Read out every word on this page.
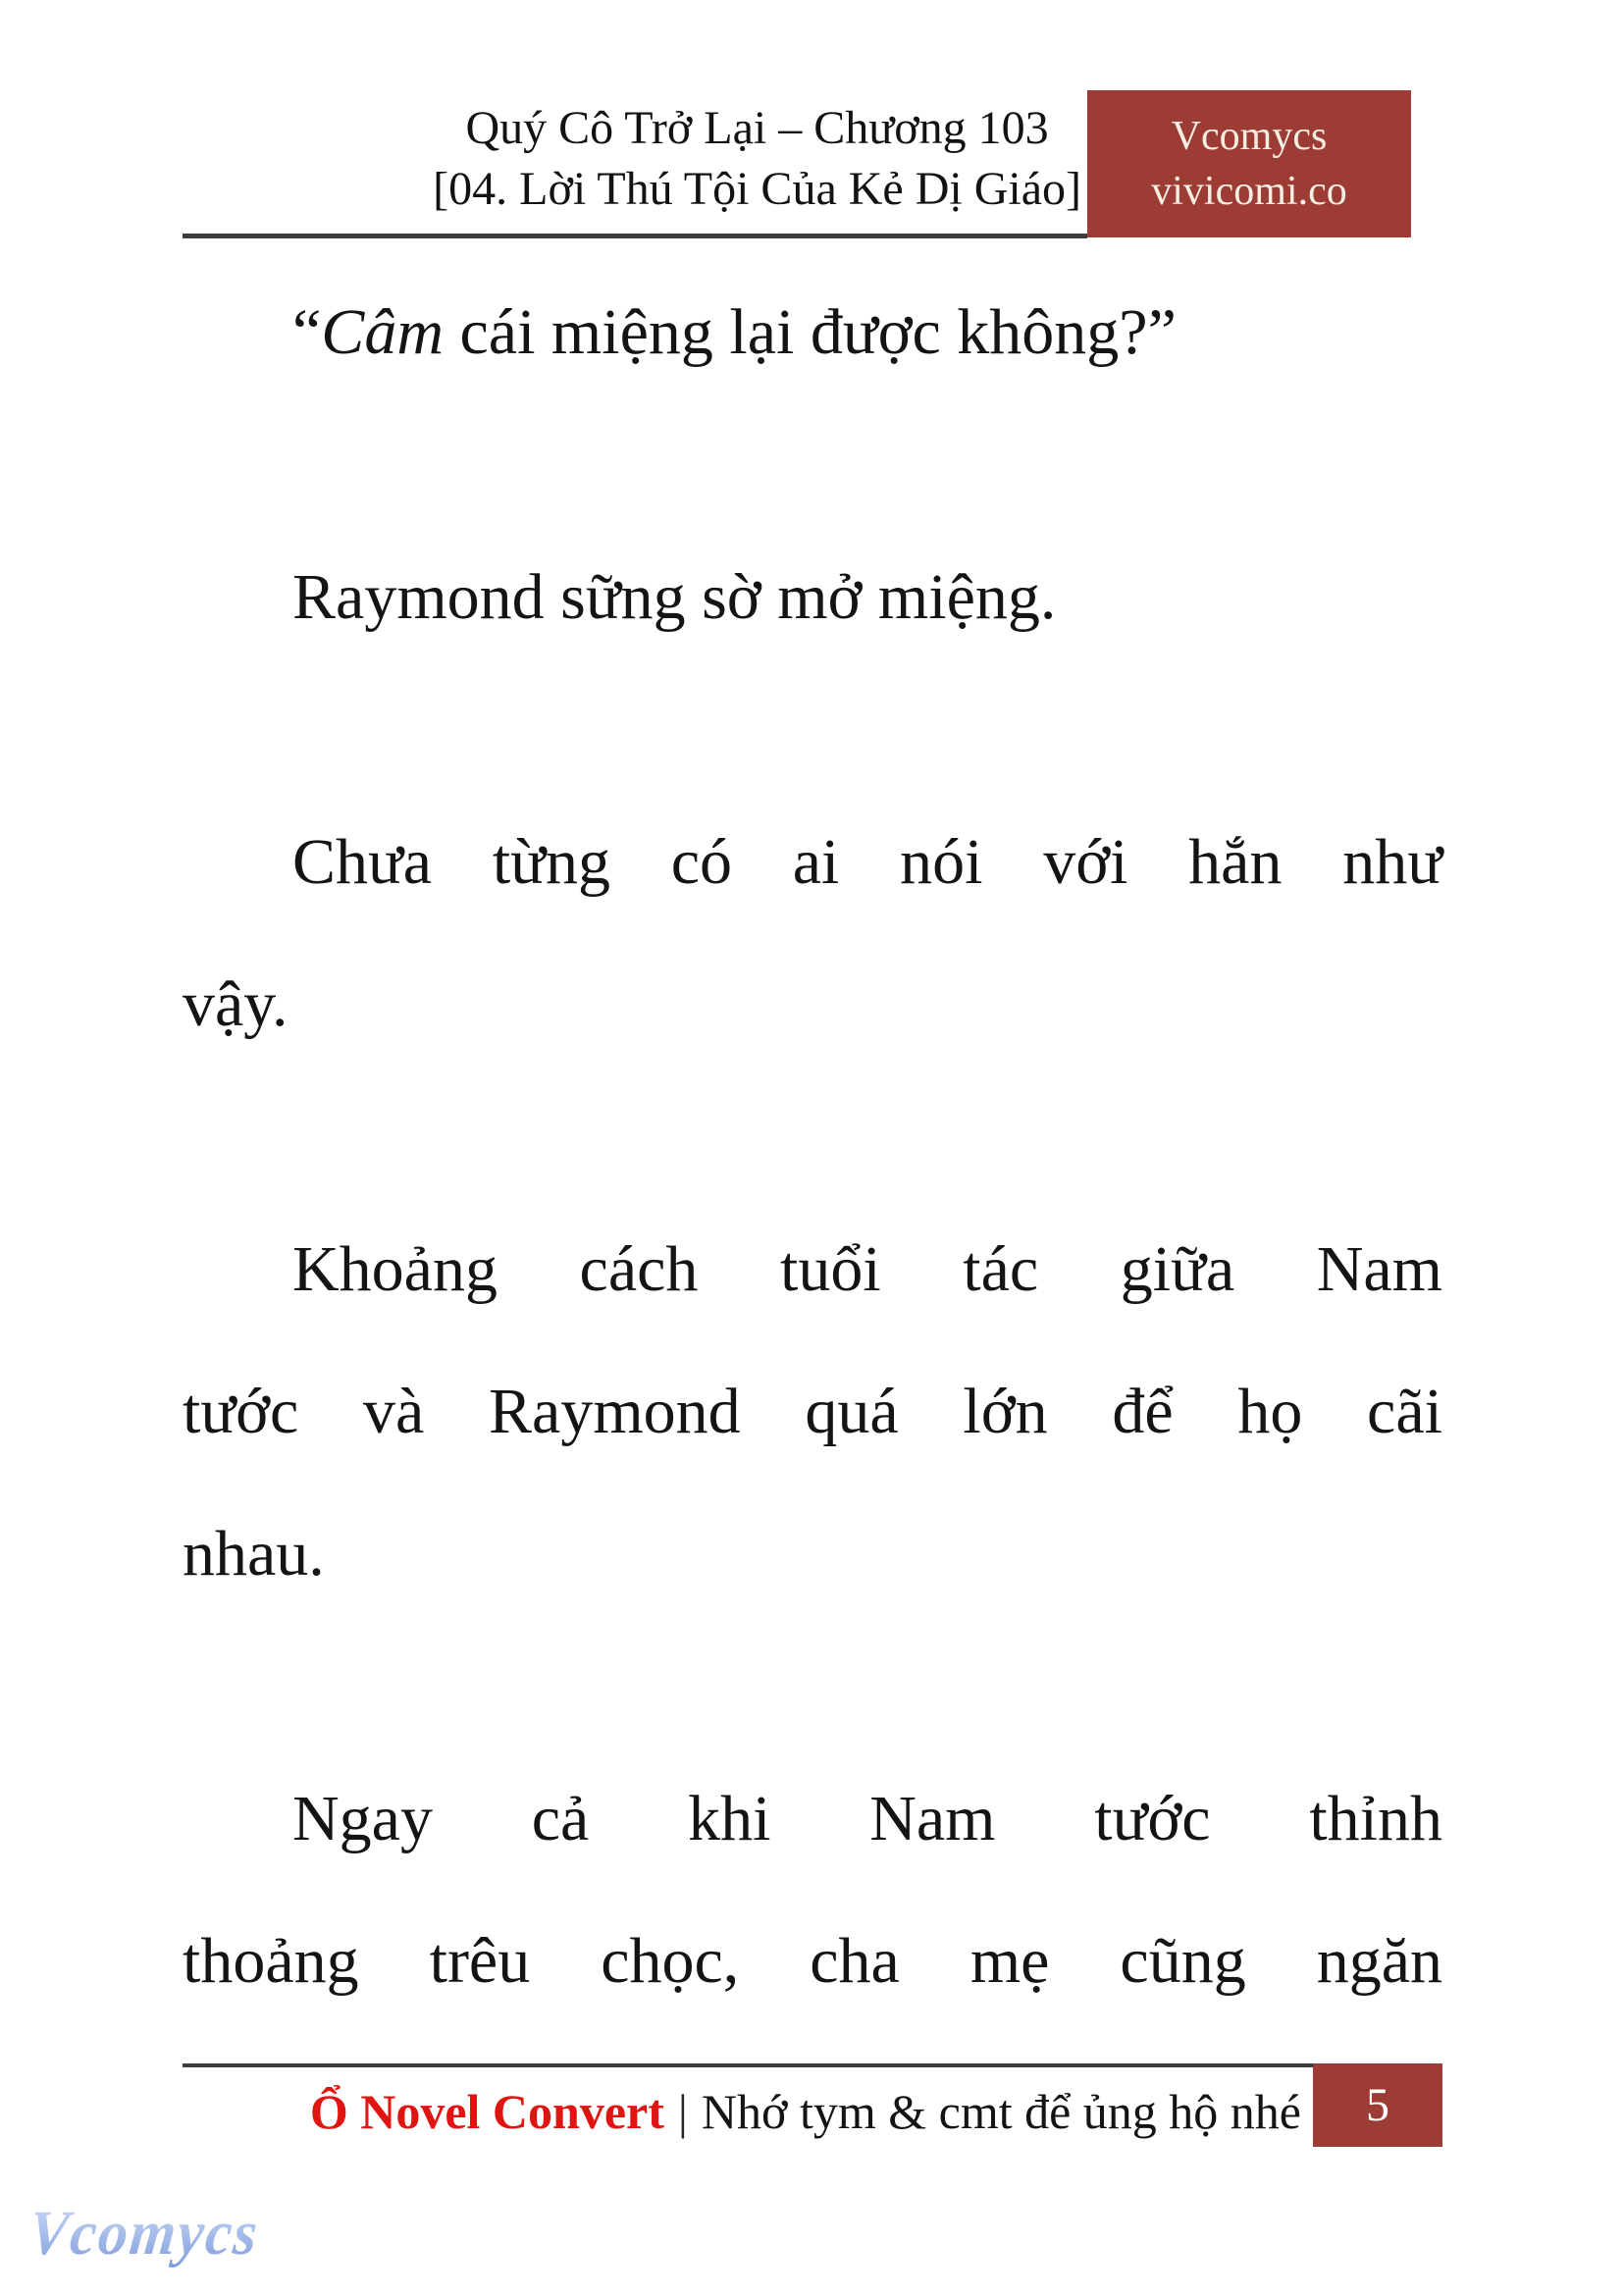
Quý Cô Trở Lại – Chương 103
[04. Lời Thú Tội Của Kẻ Dị Giáo]
Vcomycs
vivicomi.co
“Câm cái miệng lại được không?”
Raymond sững sờ mở miệng.
Chưa từng có ai nói với hắn như
vậy.
Khoảng cách tuổi tác giữa Nam
tước và Raymond quá lớn để họ cãi
nhau.
Ngay cả khi Nam tước thỉnh
thoảng trêu chọc, cha mẹ cũng ngăn
Ổ Novel Convert | Nhớ tym & cmt để ủng hộ nhé 5
Vcomycs
